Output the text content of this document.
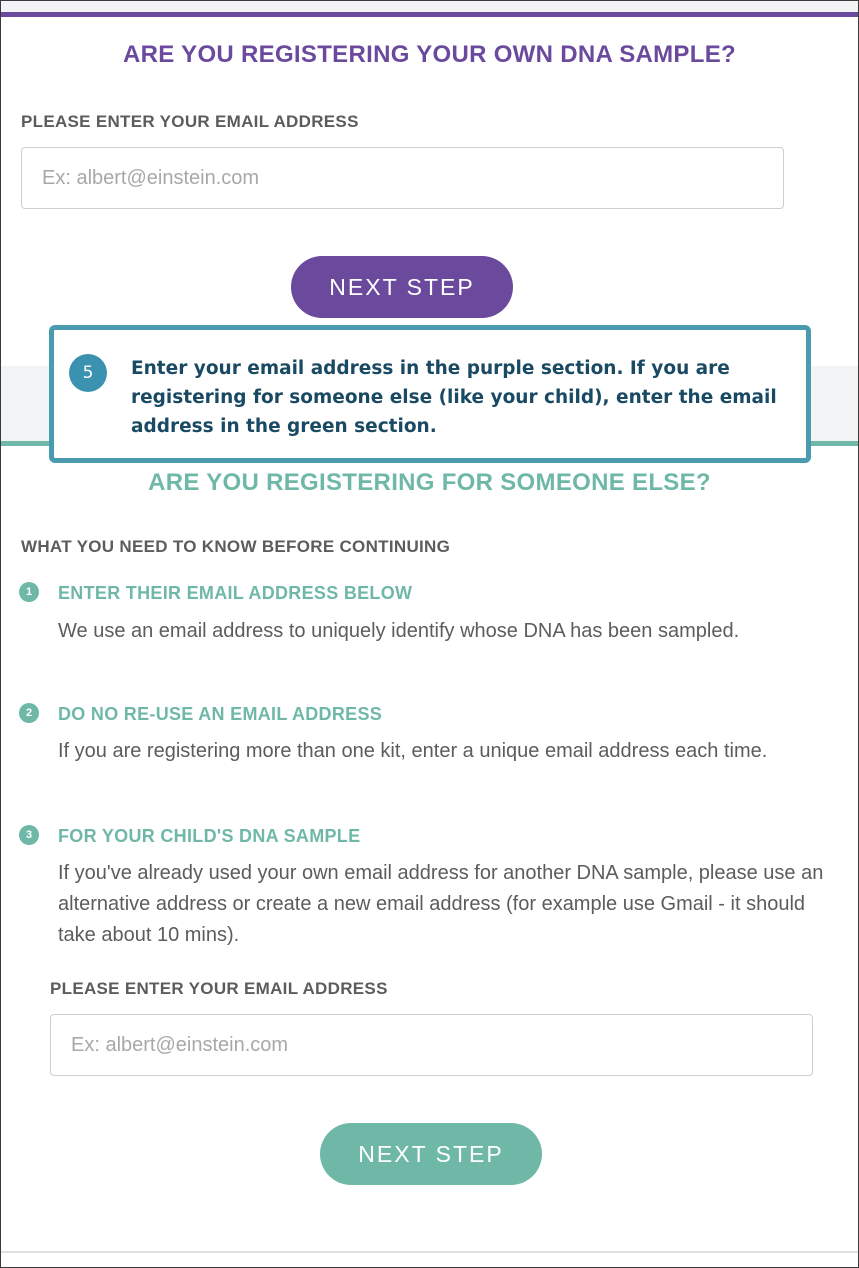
ARE YOU REGISTERING YOUR OWN DNA SAMPLE?
PLEASE ENTER YOUR EMAIL ADDRESS
Ex: albert@einstein.com
NEXT STEP
ARE YOU REGISTERING FOR SOMEONE ELSE?
WHAT YOU NEED TO KNOW BEFORE CONTINUING
1	ENTER THEIR EMAIL ADDRESS BELOW
We use an email address to uniquely identify whose DNA has been sampled.
2	DO NO RE-USE AN EMAIL ADDRESS
If you are registering more than one kit, enter a unique email address each time.
3	FOR YOUR CHILD'S DNA SAMPLE
If you've already used your own email address for another DNA sample, please use an alternative address or create a new email address (for example use Gmail - it should take about 10 mins).
PLEASE ENTER YOUR EMAIL ADDRESS
Ex: albert@einstein.com
NEXT STEP
5	Enter your email address in the purple section. If you are registering for someone else (like your child), enter the email address in the green section.
